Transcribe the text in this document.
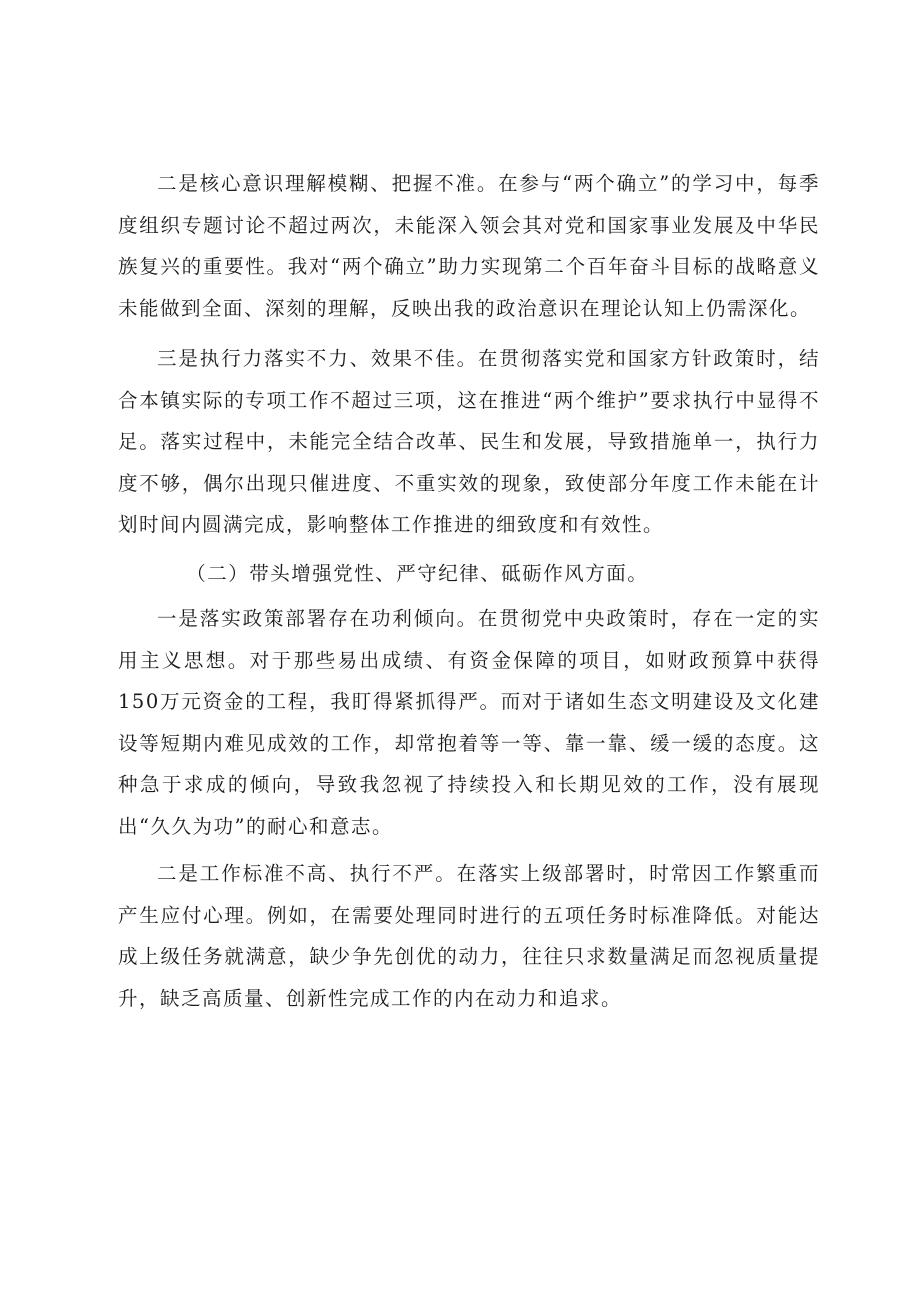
二是核心意识理解模糊、把握不准。在参与“两个确立”的学习中，每季度组织专题讨论不超过两次，未能深入领会其对党和国家事业发展及中华民族复兴的重要性。我对“两个确立”助力实现第二个百年奋斗目标的战略意义未能做到全面、深刻的理解，反映出我的政治意识在理论认知上仍需深化。

三是执行力落实不力、效果不佳。在贯彻落实党和国家方针政策时，结合本镇实际的专项工作不超过三项，这在推进“两个维护”要求执行中显得不足。落实过程中，未能完全结合改革、民生和发展，导致措施单一，执行力度不够，偶尔出现只催进度、不重实效的现象，致使部分年度工作未能在计划时间内圆满完成，影响整体工作推进的细致度和有效性。

（二）带头增强党性、严守纪律、砥砺作风方面。

一是落实政策部署存在功利倾向。在贯彻党中央政策时，存在一定的实用主义思想。对于那些易出成绩、有资金保障的项目，如财政预算中获得150万元资金的工程，我盯得紧抓得严。而对于诸如生态文明建设及文化建设等短期内难见成效的工作，却常抱着等一等、靠一靠、缓一缓的态度。这种急于求成的倾向，导致我忽视了持续投入和长期见效的工作，没有展现出“久久为功”的耐心和意志。

二是工作标准不高、执行不严。在落实上级部署时，时常因工作繁重而产生应付心理。例如，在需要处理同时进行的五项任务时标准降低。对能达成上级任务就满意，缺少争先创优的动力，往往只求数量满足而忽视质量提升，缺乏高质量、创新性完成工作的内在动力和追求。
